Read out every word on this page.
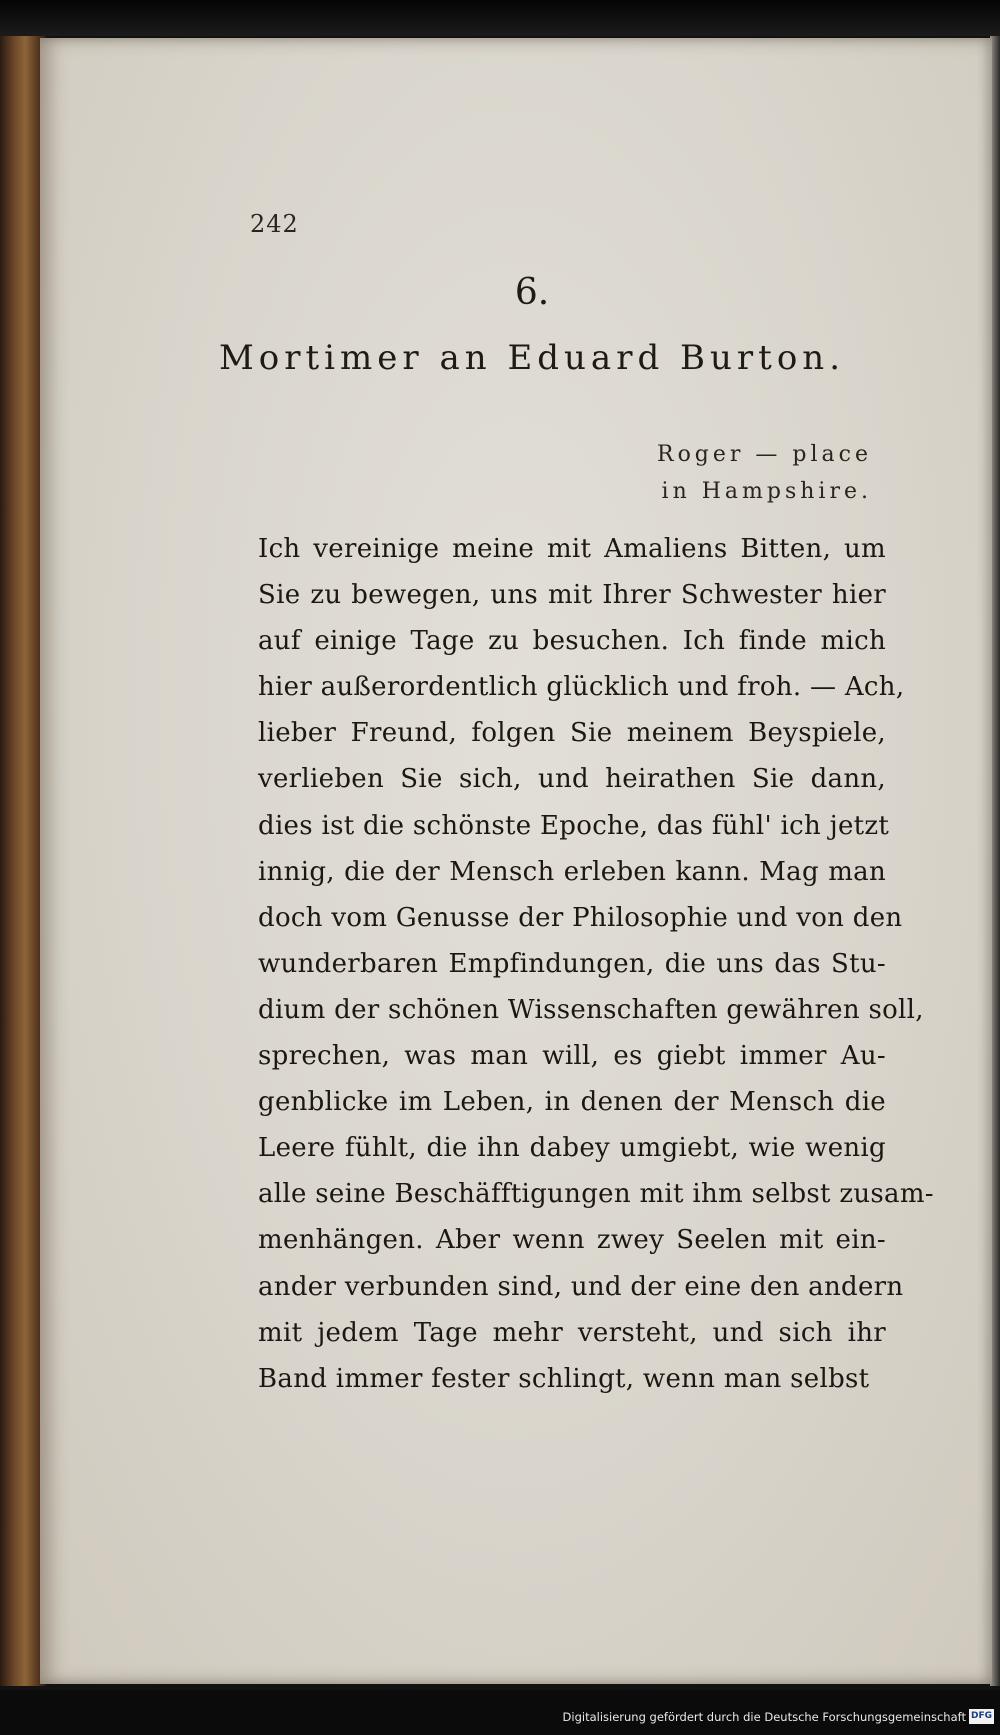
242
6.
Mortimer an Eduard Burton.
Roger — place
in Hampshire.
Ich vereinige meine mit Amaliens Bitten, um
Sie zu bewegen, uns mit Ihrer Schwester hier
auf einige Tage zu besuchen. Ich finde mich
hier außerordentlich glücklich und froh. — Ach,
lieber Freund, folgen Sie meinem Beyspiele,
verlieben Sie sich, und heirathen Sie dann,
dies ist die schönste Epoche, das fühl' ich jetzt
innig, die der Mensch erleben kann. Mag man
doch vom Genusse der Philosophie und von den
wunderbaren Empfindungen, die uns das Stu-
dium der schönen Wissenschaften gewähren soll,
sprechen, was man will, es giebt immer Au-
genblicke im Leben, in denen der Mensch die
Leere fühlt, die ihn dabey umgiebt, wie wenig
alle seine Beschäfftigungen mit ihm selbst zusam-
menhängen. Aber wenn zwey Seelen mit ein-
ander verbunden sind, und der eine den andern
mit jedem Tage mehr versteht, und sich ihr
Band immer fester schlingt, wenn man selbst
Digitalisierung gefördert durch die Deutsche Forschungsgemeinschaft DFG
